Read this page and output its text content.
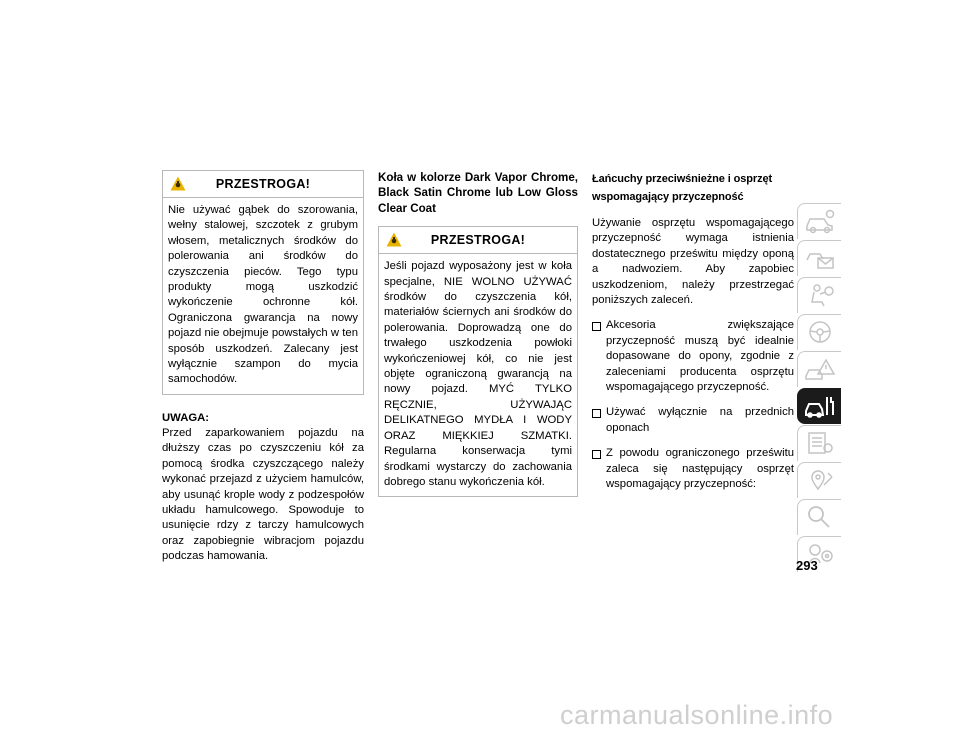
PRZESTROGA!
Nie używać gąbek do szorowania, wełny stalowej, szczotek z grubym włosem, metalicznych środków do polerowania ani środków do czyszczenia pieców. Tego typu produkty mogą uszkodzić wykończenie ochronne kół. Ograniczona gwarancja na nowy pojazd nie obejmuje powstałych w ten sposób uszkodzeń. Zalecany jest wyłącznie szampon do mycia samochodów.
UWAGA:
Przed zaparkowaniem pojazdu na dłuższy czas po czyszczeniu kół za pomocą środka czyszczącego należy wykonać przejazd z użyciem hamulców, aby usunąć krople wody z podzespołów układu hamulcowego. Spowoduje to usunięcie rdzy z tarczy hamulcowych oraz zapobiegnie wibracjom pojazdu podczas hamowania.
Koła w kolorze Dark Vapor Chrome, Black Satin Chrome lub Low Gloss Clear Coat
PRZESTROGA!
Jeśli pojazd wyposażony jest w koła specjalne, NIE WOLNO UŻYWAĆ środków do czyszczenia kół, materiałów ściernych ani środków do polerowania. Doprowadzą one do trwałego uszkodzenia powłoki wykończeniowej kół, co nie jest objęte ograniczoną gwarancją na nowy pojazd. MYĆ TYLKO RĘCZNIE, UŻYWAJĄC DELIKATNEGO MYDŁA I WODY ORAZ MIĘKKIEJ SZMATKI. Regularna konserwacja tymi środkami wystarczy do zachowania dobrego stanu wykończenia kół.
Łańcuchy przeciwśnieżne i osprzęt wspomagający przyczepność
Używanie osprzętu wspomagającego przyczepność wymaga istnienia dostatecznego prześwitu między oponą a nadwoziem. Aby zapobiec uszkodzeniom, należy przestrzegać poniższych zaleceń.
Akcesoria zwiększające przyczepność muszą być idealnie dopasowane do opony, zgodnie z zaleceniami producenta osprzętu wspomagającego przyczepność.
Używać wyłącznie na przednich oponach
Z powodu ograniczonego prześwitu zaleca się następujący osprzęt wspomagający przyczepność:
293
carmanualsonline.info
